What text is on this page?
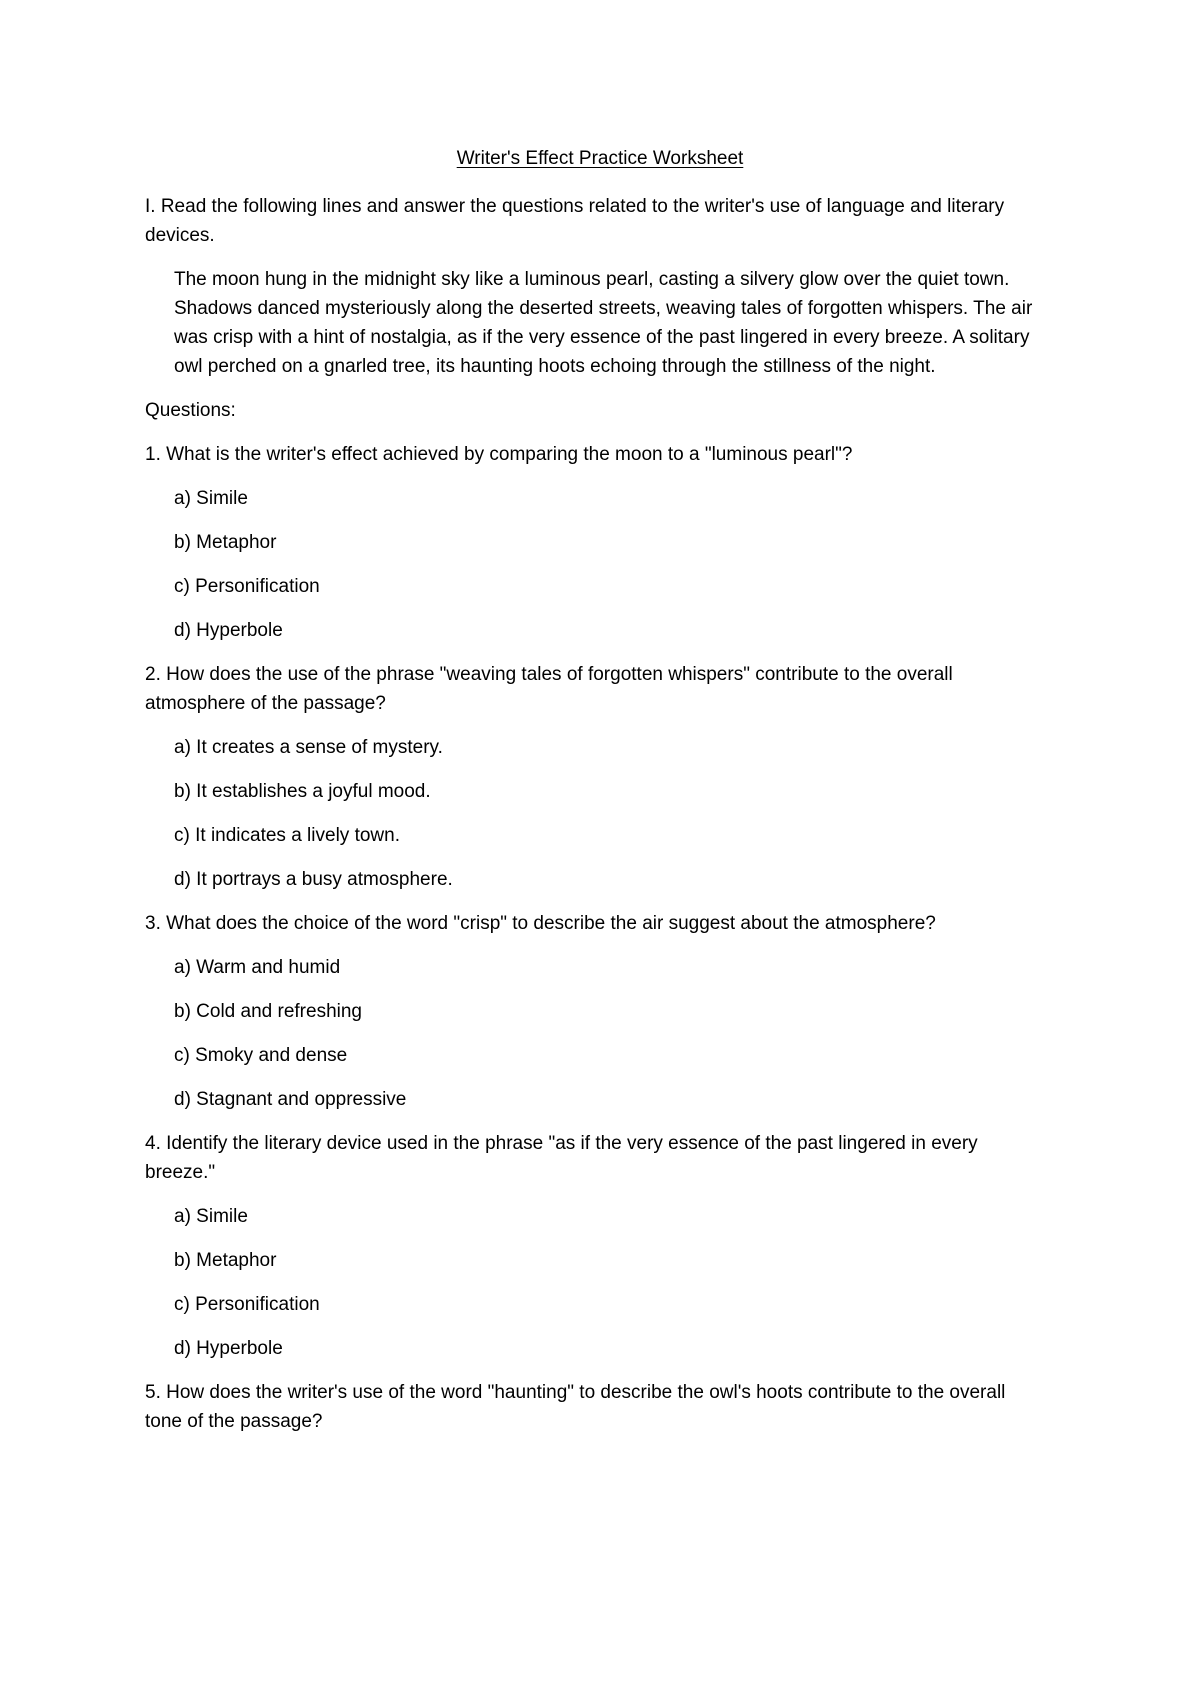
Writer's Effect Practice Worksheet

I. Read the following lines and answer the questions related to the writer's use of language and literary devices.

The moon hung in the midnight sky like a luminous pearl, casting a silvery glow over the quiet town. Shadows danced mysteriously along the deserted streets, weaving tales of forgotten whispers. The air was crisp with a hint of nostalgia, as if the very essence of the past lingered in every breeze. A solitary owl perched on a gnarled tree, its haunting hoots echoing through the stillness of the night.

Questions:

1. What is the writer's effect achieved by comparing the moon to a "luminous pearl"?

a) Simile
b) Metaphor
c) Personification
d) Hyperbole

2. How does the use of the phrase "weaving tales of forgotten whispers" contribute to the overall atmosphere of the passage?

a) It creates a sense of mystery.
b) It establishes a joyful mood.
c) It indicates a lively town.
d) It portrays a busy atmosphere.

3. What does the choice of the word "crisp" to describe the air suggest about the atmosphere?

a) Warm and humid
b) Cold and refreshing
c) Smoky and dense
d) Stagnant and oppressive

4. Identify the literary device used in the phrase "as if the very essence of the past lingered in every breeze."

a) Simile
b) Metaphor
c) Personification
d) Hyperbole

5. How does the writer's use of the word "haunting" to describe the owl's hoots contribute to the overall tone of the passage?
